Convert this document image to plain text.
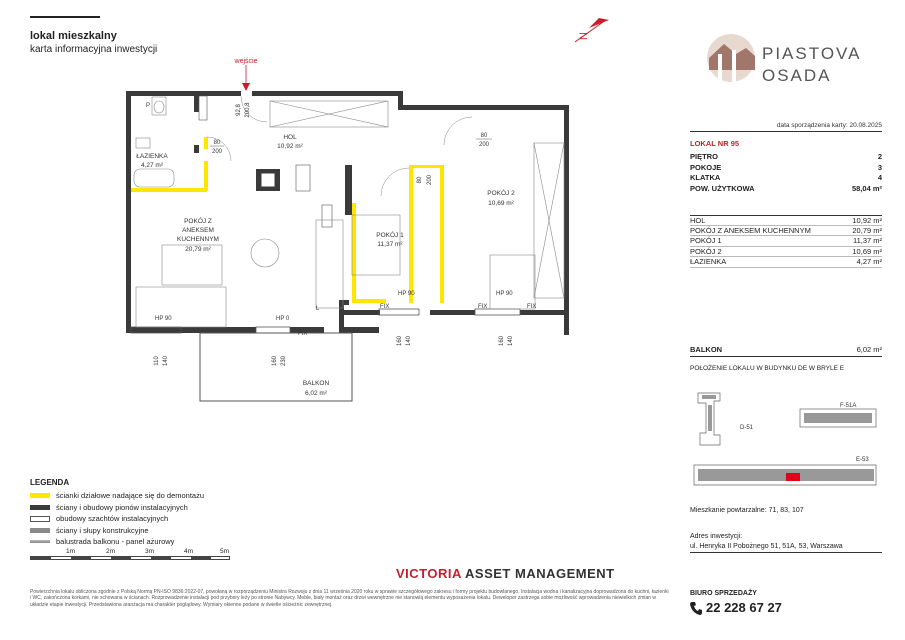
lokal mieszkalny
karta informacyjna inwestycji
N
wejście
HOL
10,92 m²
ŁAZIENKA
4,27 m²
POKÓJ Z
ANEKSEM
KUCHENNYM
20,79 m²
POKÓJ 1
11,37 m²
POKÓJ 2
10,69 m²
BALKON
6,02 m²
80
200
80
200
92,8 200,8
80 200
110 140	160 230
160 140	160 140
HP 90	HP 0
FIX
HP 90
FIX
HP 90
FIX	FIX
P
L
PIASTOVA
OSADA
data sporządzenia karty: 20.08.2025
LOKAL NR 95
PIĘTRO	2
POKOJE	3
KLATKA	4
POW. UŻYTKOWA	58,04 m²
HOL	10,92 m²
POKÓJ Z ANEKSEM KUCHENNYM	20,79 m²
POKÓJ 1	11,37 m²
POKÓJ 2	10,69 m²
ŁAZIENKA	4,27 m²
BALKON	6,02 m²
POŁOŻENIE LOKALU W BUDYNKU DE W BRYLE E
D-51
F-51A
E-53
Mieszkanie powtarzalne: 71, 83, 107
Adres inwestycji:
ul. Henryka II Pobożnego 51, 51A, 53, Warszawa
BIURO SPRZEDAŻY
22 228 67 27
LEGENDA
ścianki działowe nadające się do demontażu
ściany i obudowy pionów instalacyjnych
obudowy szachtów instalacyjnych
ściany i słupy konstrukcyjne
balustrada balkonu - panel ażurowy
1m	2m	3m	4m	5m
VICTORIA ASSET MANAGEMENT
Powierzchnia lokalu obliczona zgodnie z Polską Normą PN-ISO 9836:2022-07, powołaną w rozporządzeniu Ministra Rozwoju z dnia 11 września 2020 roku w sprawie szczegółowego zakresu i formy projektu budowlanego. Instalacja wodna i kanalizacyjna doprowadzona do kuchni, łazienki i WC, zakończona korkami, nie schowana w ścianach. Rozprowadzenie instalacji pod przybory leży po stronie Nabywcy. Meble, biały montaż oraz drzwi wewnętrzne nie stanowią elementu wyposażenia lokalu. Deweloper zastrzega sobie możliwość wprowadzenia niewielkich zmian w układzie etapie inwestycji. Przedstawiona aranżacja ma charakter poglądowy. Wymiary okienne podane w świetle ościeżnic zewnętrznej.
